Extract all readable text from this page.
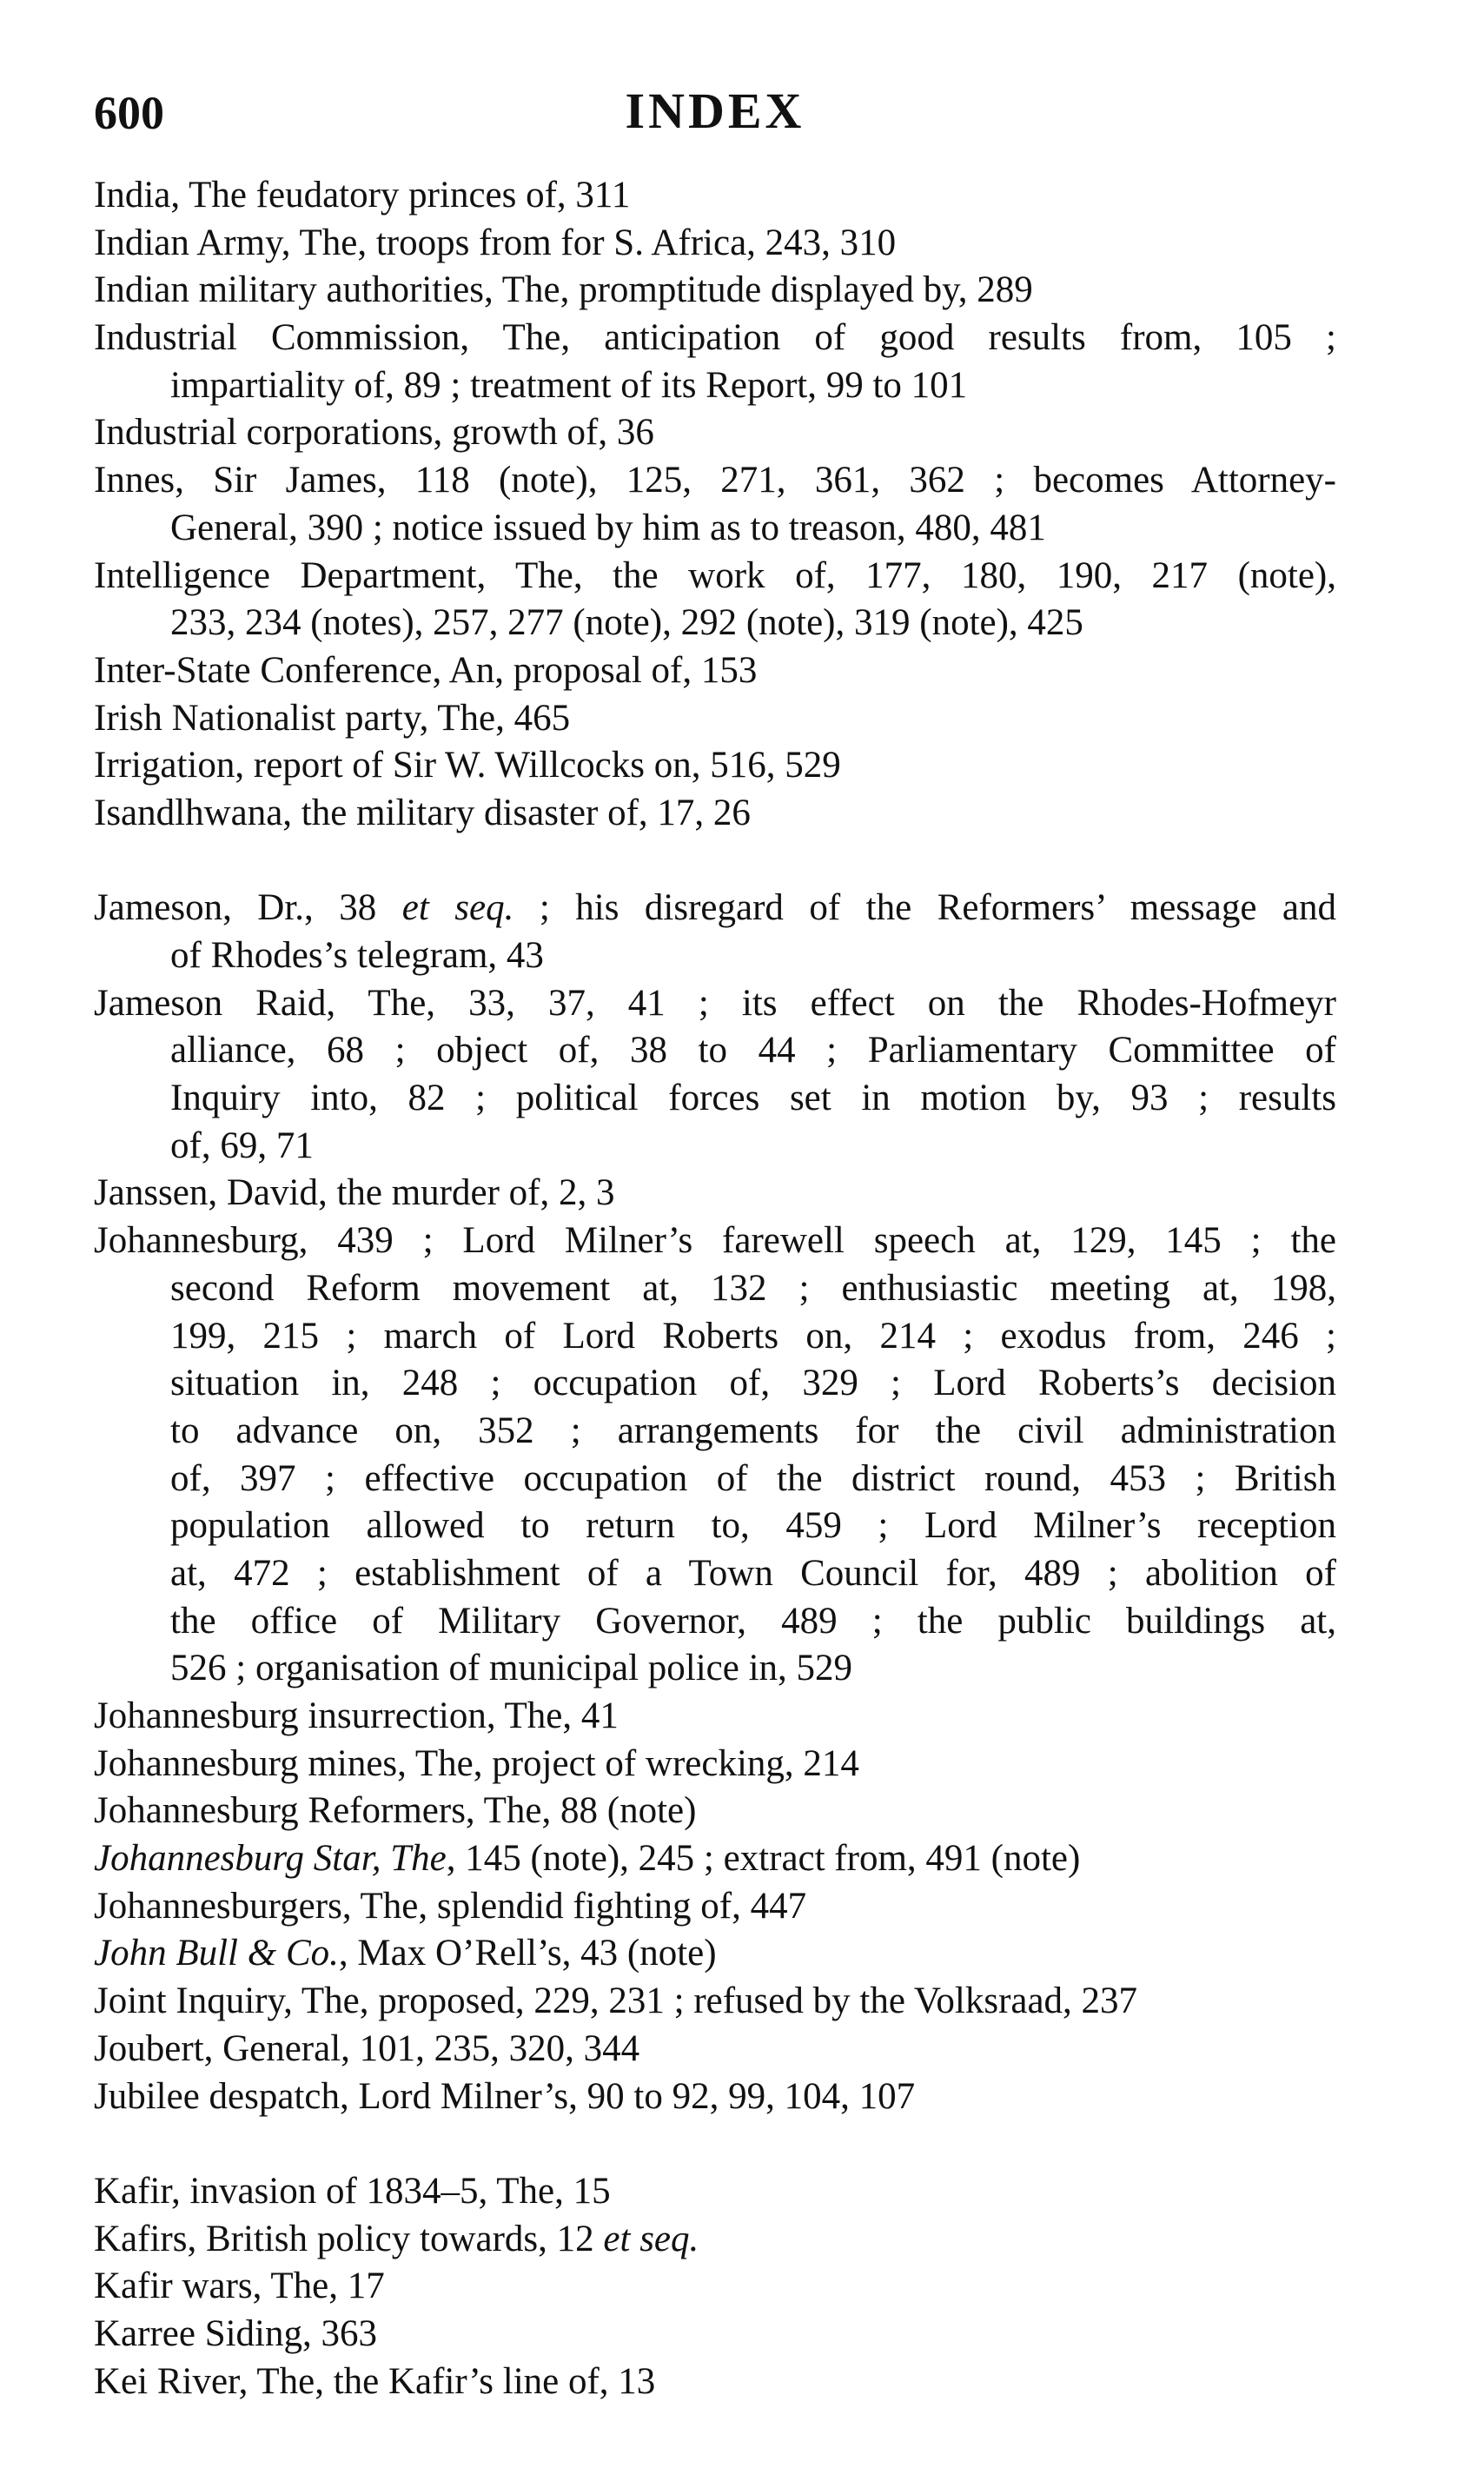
600	INDEX
India, The feudatory princes of, 311
Indian Army, The, troops from for S. Africa, 243, 310
Indian military authorities, The, promptitude displayed by, 289
Industrial Commission, The, anticipation of good results from, 105 ;
impartiality of, 89 ; treatment of its Report, 99 to 101
Industrial corporations, growth of, 36
Innes, Sir James, 118 (note), 125, 271, 361, 362 ; becomes Attorney-
General, 390 ; notice issued by him as to treason, 480, 481
Intelligence Department, The, the work of, 177, 180, 190, 217 (note),
233, 234 (notes), 257, 277 (note), 292 (note), 319 (note), 425
Inter-State Conference, An, proposal of, 153
Irish Nationalist party, The, 465
Irrigation, report of Sir W. Willcocks on, 516, 529
Isandlhwana, the military disaster of, 17, 26
Jameson, Dr., 38 et seq. ; his disregard of the Reformers’ message and
of Rhodes’s telegram, 43
Jameson Raid, The, 33, 37, 41 ; its effect on the Rhodes-Hofmeyr
alliance, 68 ; object of, 38 to 44 ; Parliamentary Committee of
Inquiry into, 82 ; political forces set in motion by, 93 ; results
of, 69, 71
Janssen, David, the murder of, 2, 3
Johannesburg, 439 ; Lord Milner’s farewell speech at, 129, 145 ; the
second Reform movement at, 132 ; enthusiastic meeting at, 198,
199, 215 ; march of Lord Roberts on, 214 ; exodus from, 246 ;
situation in, 248 ; occupation of, 329 ; Lord Roberts’s decision
to advance on, 352 ; arrangements for the civil administration
of, 397 ; effective occupation of the district round, 453 ; British
population allowed to return to, 459 ; Lord Milner’s reception
at, 472 ; establishment of a Town Council for, 489 ; abolition of
the office of Military Governor, 489 ; the public buildings at,
526 ; organisation of municipal police in, 529
Johannesburg insurrection, The, 41
Johannesburg mines, The, project of wrecking, 214
Johannesburg Reformers, The, 88 (note)
Johannesburg Star, The, 145 (note), 245 ; extract from, 491 (note)
Johannesburgers, The, splendid fighting of, 447
John Bull & Co., Max O’Rell’s, 43 (note)
Joint Inquiry, The, proposed, 229, 231 ; refused by the Volksraad, 237
Joubert, General, 101, 235, 320, 344
Jubilee despatch, Lord Milner’s, 90 to 92, 99, 104, 107
Kafir, invasion of 1834–5, The, 15
Kafirs, British policy towards, 12 et seq.
Kafir wars, The, 17
Karree Siding, 363
Kei River, The, the Kafir’s line of, 13
